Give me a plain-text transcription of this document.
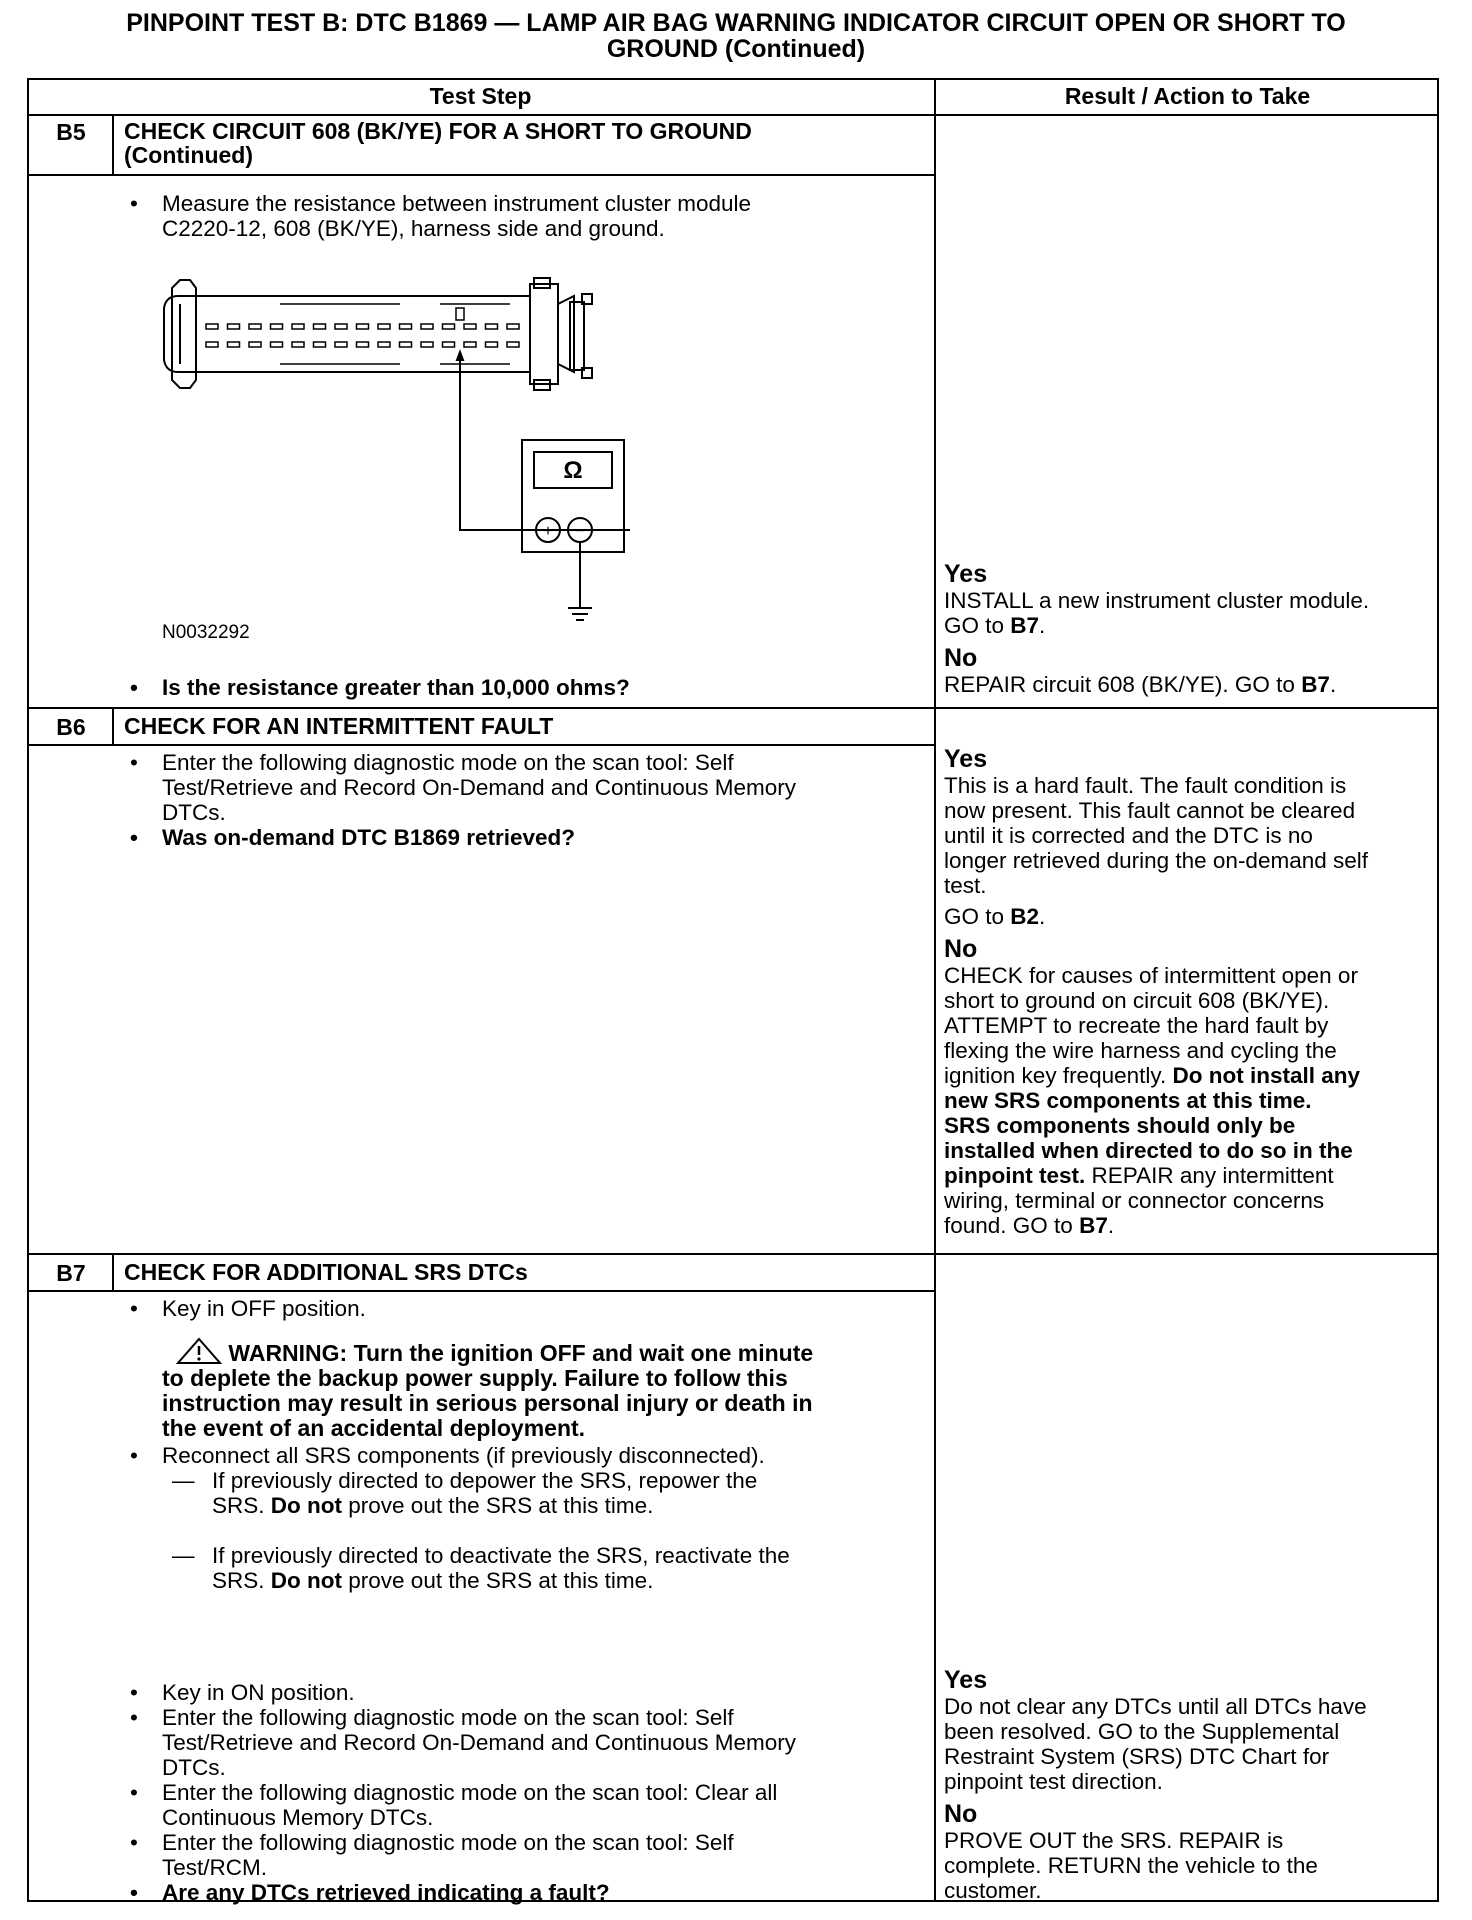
PINPOINT TEST B: DTC B1869 — LAMP AIR BAG WARNING INDICATOR CIRCUIT OPEN OR SHORT TO
GROUND (Continued)
Test Step	Result / Action to Take
B5	CHECK CIRCUIT 608 (BK/YE) FOR A SHORT TO GROUND
(Continued)
• Measure the resistance between instrument cluster module
C2220-12, 608 (BK/YE), harness side and ground.
Ω
+ −
N0032292
• Is the resistance greater than 10,000 ohms?
Yes
INSTALL a new instrument cluster module.
GO to B7.
No
REPAIR circuit 608 (BK/YE). GO to B7.
B6	CHECK FOR AN INTERMITTENT FAULT
• Enter the following diagnostic mode on the scan tool: Self
Test/Retrieve and Record On-Demand and Continuous Memory
DTCs.
• Was on-demand DTC B1869 retrieved?
Yes
This is a hard fault. The fault condition is
now present. This fault cannot be cleared
until it is corrected and the DTC is no
longer retrieved during the on-demand self
test.
GO to B2.
No
CHECK for causes of intermittent open or
short to ground on circuit 608 (BK/YE).
ATTEMPT to recreate the hard fault by
flexing the wire harness and cycling the
ignition key frequently. Do not install any
new SRS components at this time.
SRS components should only be
installed when directed to do so in the
pinpoint test. REPAIR any intermittent
wiring, terminal or connector concerns
found. GO to B7.
B7	CHECK FOR ADDITIONAL SRS DTCs
• Key in OFF position.
WARNING: Turn the ignition OFF and wait one minute
to deplete the backup power supply. Failure to follow this
instruction may result in serious personal injury or death in
the event of an accidental deployment.
• Reconnect all SRS components (if previously disconnected).
— If previously directed to depower the SRS, repower the
SRS. Do not prove out the SRS at this time.
— If previously directed to deactivate the SRS, reactivate the
SRS. Do not prove out the SRS at this time.
• Key in ON position.
• Enter the following diagnostic mode on the scan tool: Self
Test/Retrieve and Record On-Demand and Continuous Memory
DTCs.
• Enter the following diagnostic mode on the scan tool: Clear all
Continuous Memory DTCs.
• Enter the following diagnostic mode on the scan tool: Self
Test/RCM.
• Are any DTCs retrieved indicating a fault?
Yes
Do not clear any DTCs until all DTCs have
been resolved. GO to the Supplemental
Restraint System (SRS) DTC Chart for
pinpoint test direction.
No
PROVE OUT the SRS. REPAIR is
complete. RETURN the vehicle to the
customer.
